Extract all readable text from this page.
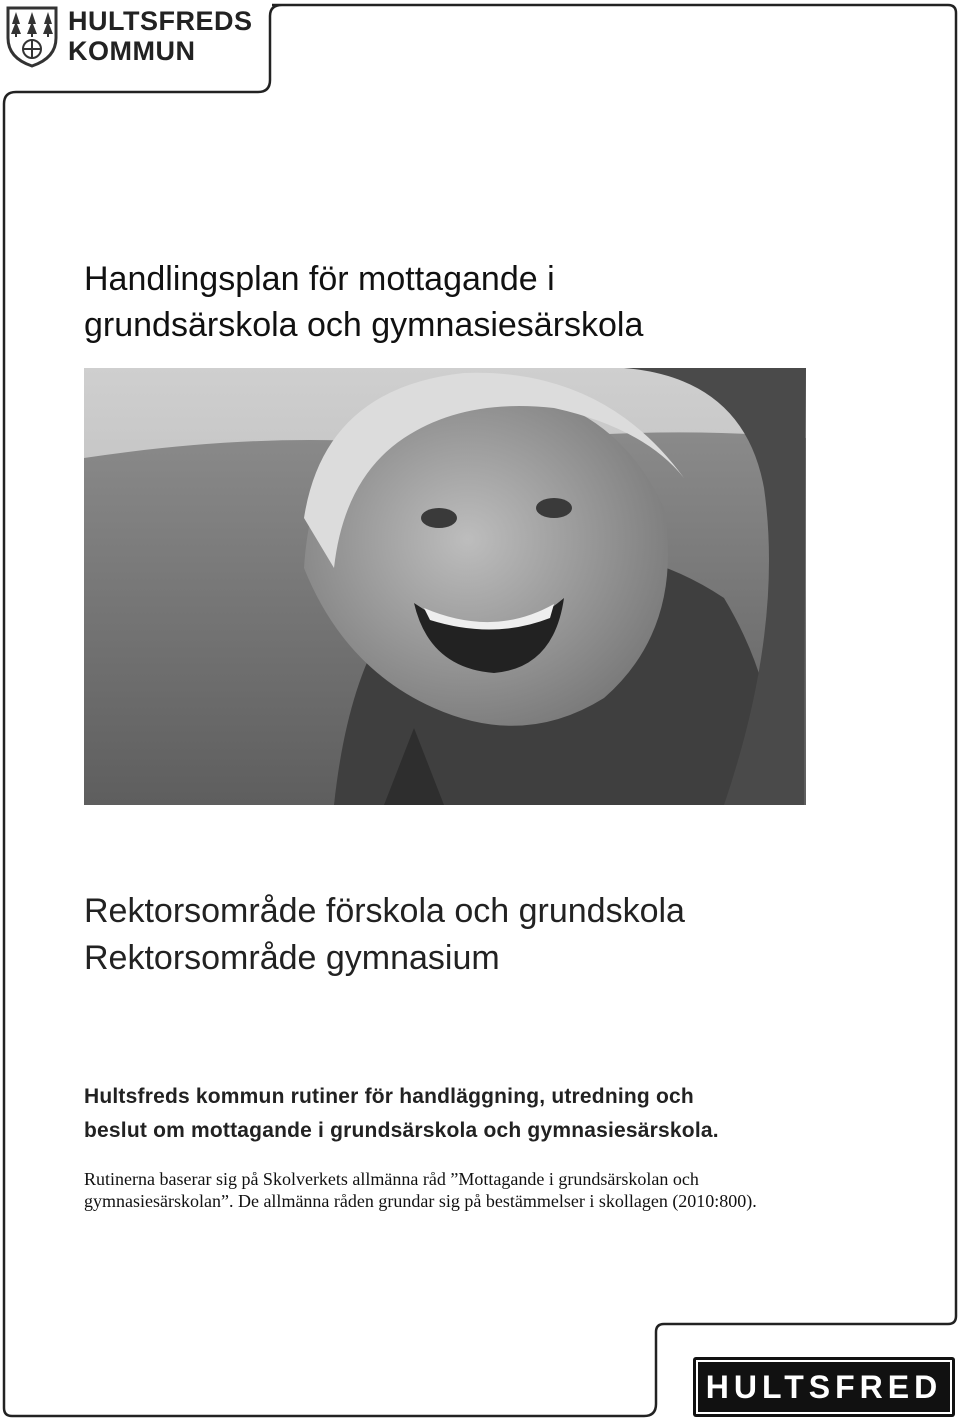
HULTSFREDS
KOMMUN
Handlingsplan för mottagande i
grundsärskola och gymnasiesärskola
Rektorsområde förskola och grundskola
Rektorsområde gymnasium
Hultsfreds kommun rutiner för handläggning, utredning och
beslut om mottagande i grundsärskola och gymnasiesärskola.
Rutinerna baserar sig på Skolverkets allmänna råd ”Mottagande i grundsärskolan och
gymnasiesärskolan”. De allmänna råden grundar sig på bestämmelser i skollagen (2010:800).
HULTSFRED
